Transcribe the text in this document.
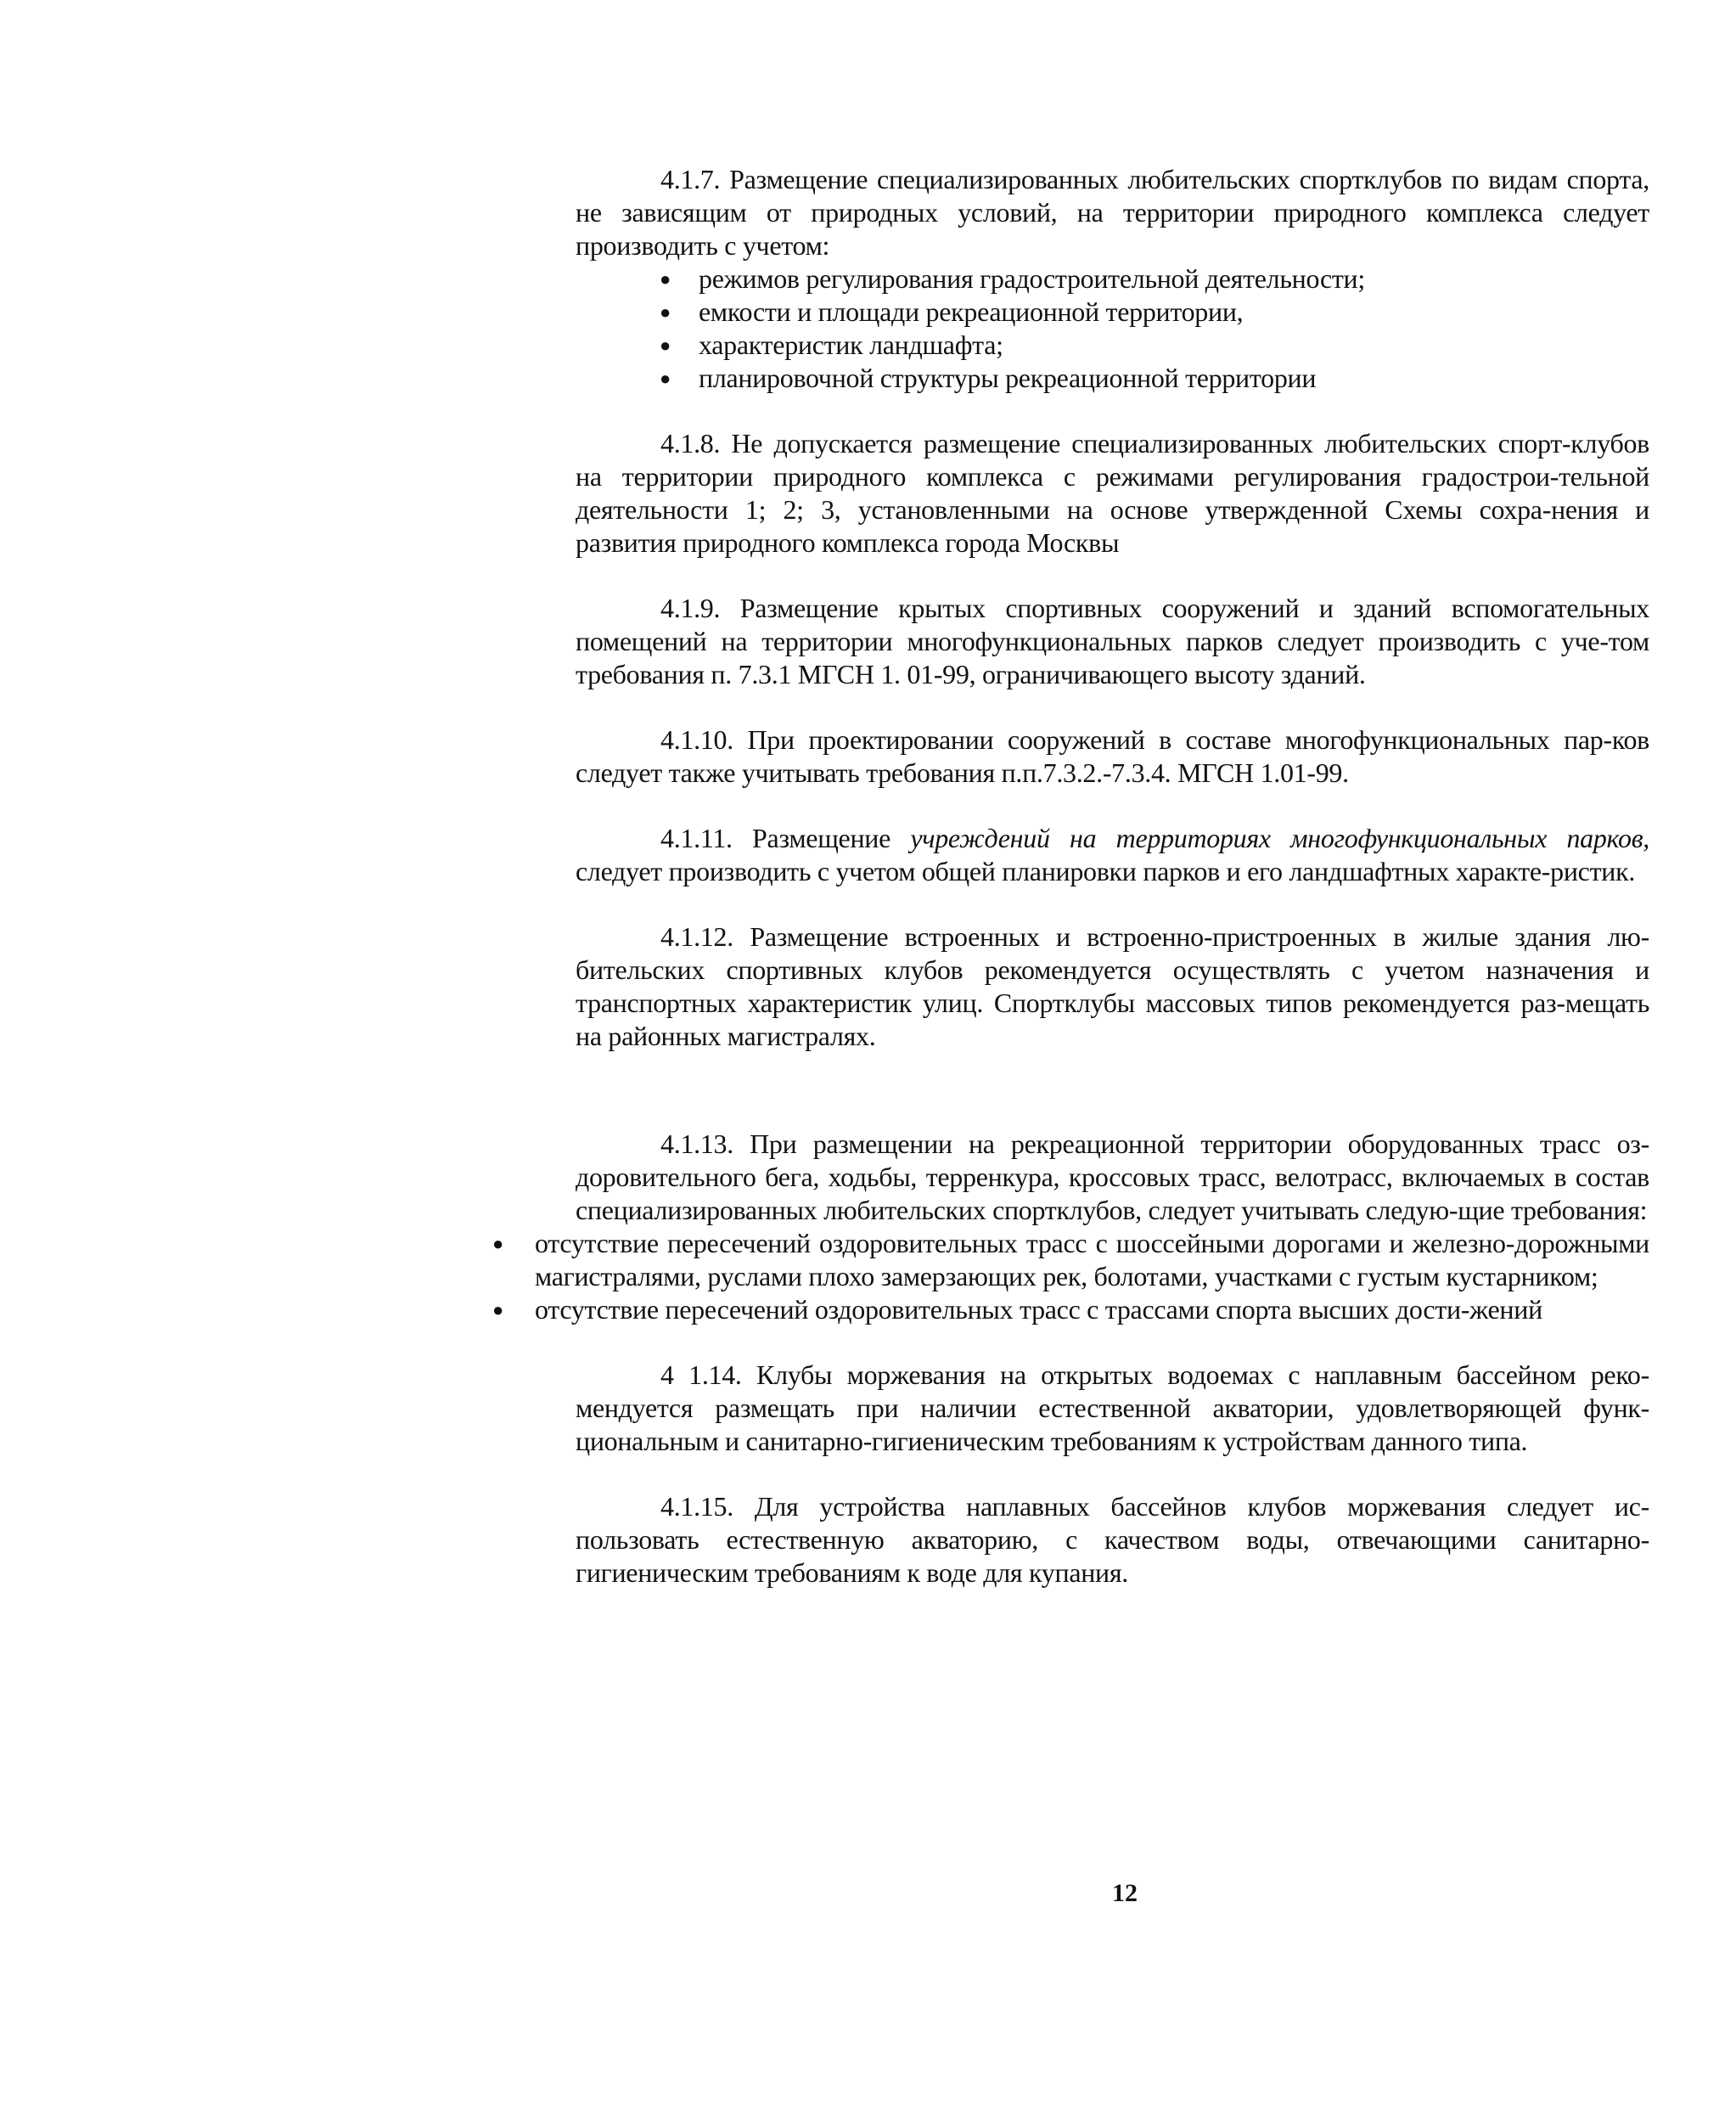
4.1.7. Размещение специализированных любительских спортклубов по видам спорта, не зависящим от природных условий, на территории природного комплекса следует производить с учетом:

● режимов регулирования градостроительной деятельности;
● емкости и площади рекреационной территории,
● характеристик ландшафта;
● планировочной структуры рекреационной территории

4.1.8. Не допускается размещение специализированных любительских спорт-клубов на территории природного комплекса с режимами регулирования градострои-тельной деятельности 1; 2; 3, установленными на основе утвержденной Схемы сохра-нения и развития природного комплекса города Москвы

4.1.9. Размещение крытых спортивных сооружений и зданий вспомогательных помещений на территории многофункциональных парков следует производить с уче-том требования п. 7.3.1 МГСН 1. 01-99, ограничивающего высоту зданий.

4.1.10. При проектировании сооружений в составе многофункциональных пар-ков следует также учитывать требования п.п.7.3.2.-7.3.4. МГСН 1.01-99.

4.1.11. Размещение учреждений на территориях многофункциональных парков, следует производить с учетом общей планировки парков и его ландшафтных характе-ристик.

4.1.12. Размещение встроенных и встроенно-пристроенных в жилые здания лю-бительских спортивных клубов рекомендуется осуществлять с учетом назначения и транспортных характеристик улиц. Спортклубы массовых типов рекомендуется раз-мещать на районных магистралях.

4.1.13. При размещении на рекреационной территории оборудованных трасс оз-доровительного бега, ходьбы, терренкура, кроссовых трасс, велотрасс, включаемых в состав специализированных любительских спортклубов, следует учитывать следую-щие требования:

● отсутствие пересечений оздоровительных трасс с шоссейными дорогами и железно-дорожными магистралями, руслами плохо замерзающих рек, болотами, участками с густым кустарником;
● отсутствие пересечений оздоровительных трасс с трассами спорта высших дости-жений

4 1.14. Клубы моржевания на открытых водоемах с наплавным бассейном реко-мендуется размещать при наличии естественной акватории, удовлетворяющей функ-циональным и санитарно-гигиеническим требованиям к устройствам данного типа.

4.1.15. Для устройства наплавных бассейнов клубов моржевания следует ис-пользовать естественную акваторию, с качеством воды, отвечающими санитарно-гигиеническим требованиям к воде для купания.

12
